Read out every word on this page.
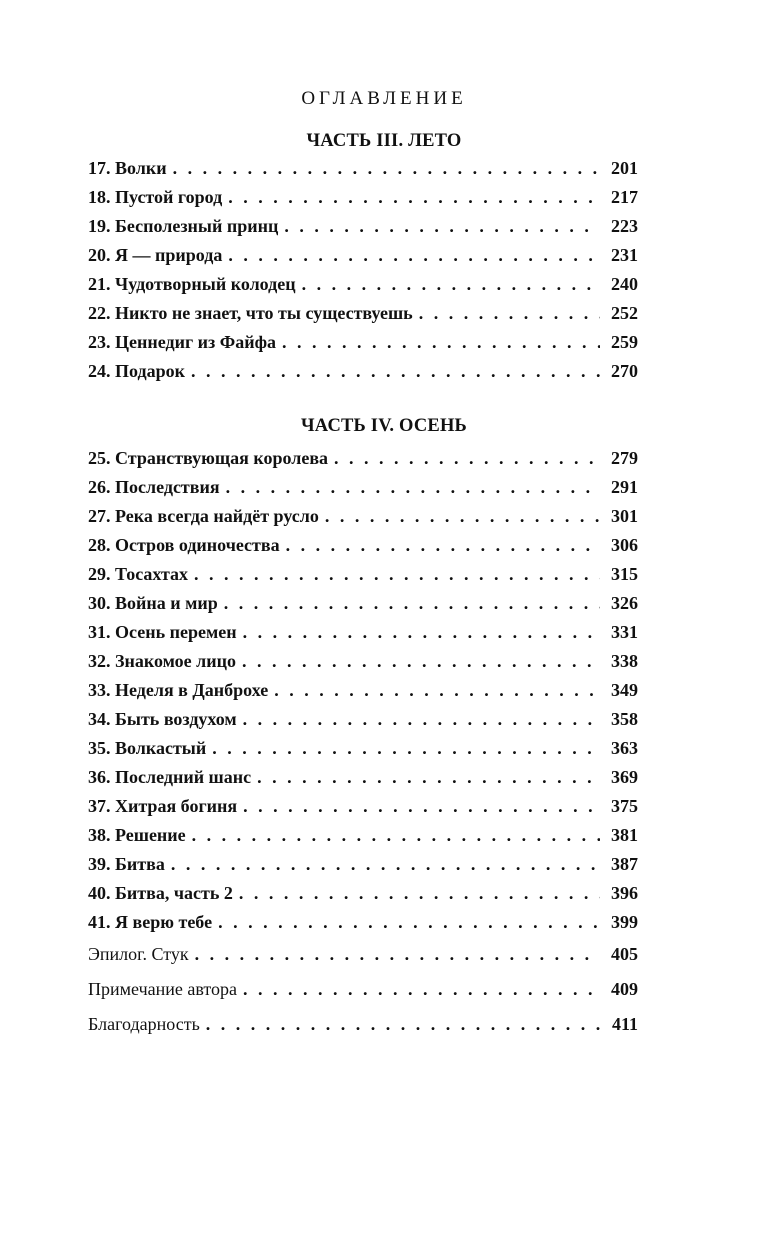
ОГЛАВЛЕНИЕ
ЧАСТЬ III. ЛЕТО
17. Волки . . .	201
18. Пустой город . . .	217
19. Бесполезный принц . . .	223
20. Я — природа . . .	231
21. Чудотворный колодец . . .	240
22. Никто не знает, что ты существуешь . . .	252
23. Ценнедиг из Файфа . . .	259
24. Подарок . . .	270
ЧАСТЬ IV. ОСЕНЬ
25. Странствующая королева . . .	279
26. Последствия . . .	291
27. Река всегда найдёт русло . . .	301
28. Остров одиночества . . .	306
29. Тосахтах . . .	315
30. Война и мир . . .	326
31. Осень перемен . . .	331
32. Знакомое лицо . . .	338
33. Неделя в Данброхе . . .	349
34. Быть воздухом . . .	358
35. Волкастый . . .	363
36. Последний шанс . . .	369
37. Хитрая богиня . . .	375
38. Решение . . .	381
39. Битва . . .	387
40. Битва, часть 2 . . .	396
41. Я верю тебе . . .	399
Эпилог. Стук . . .	405
Примечание автора . . .	409
Благодарность . . .	411
